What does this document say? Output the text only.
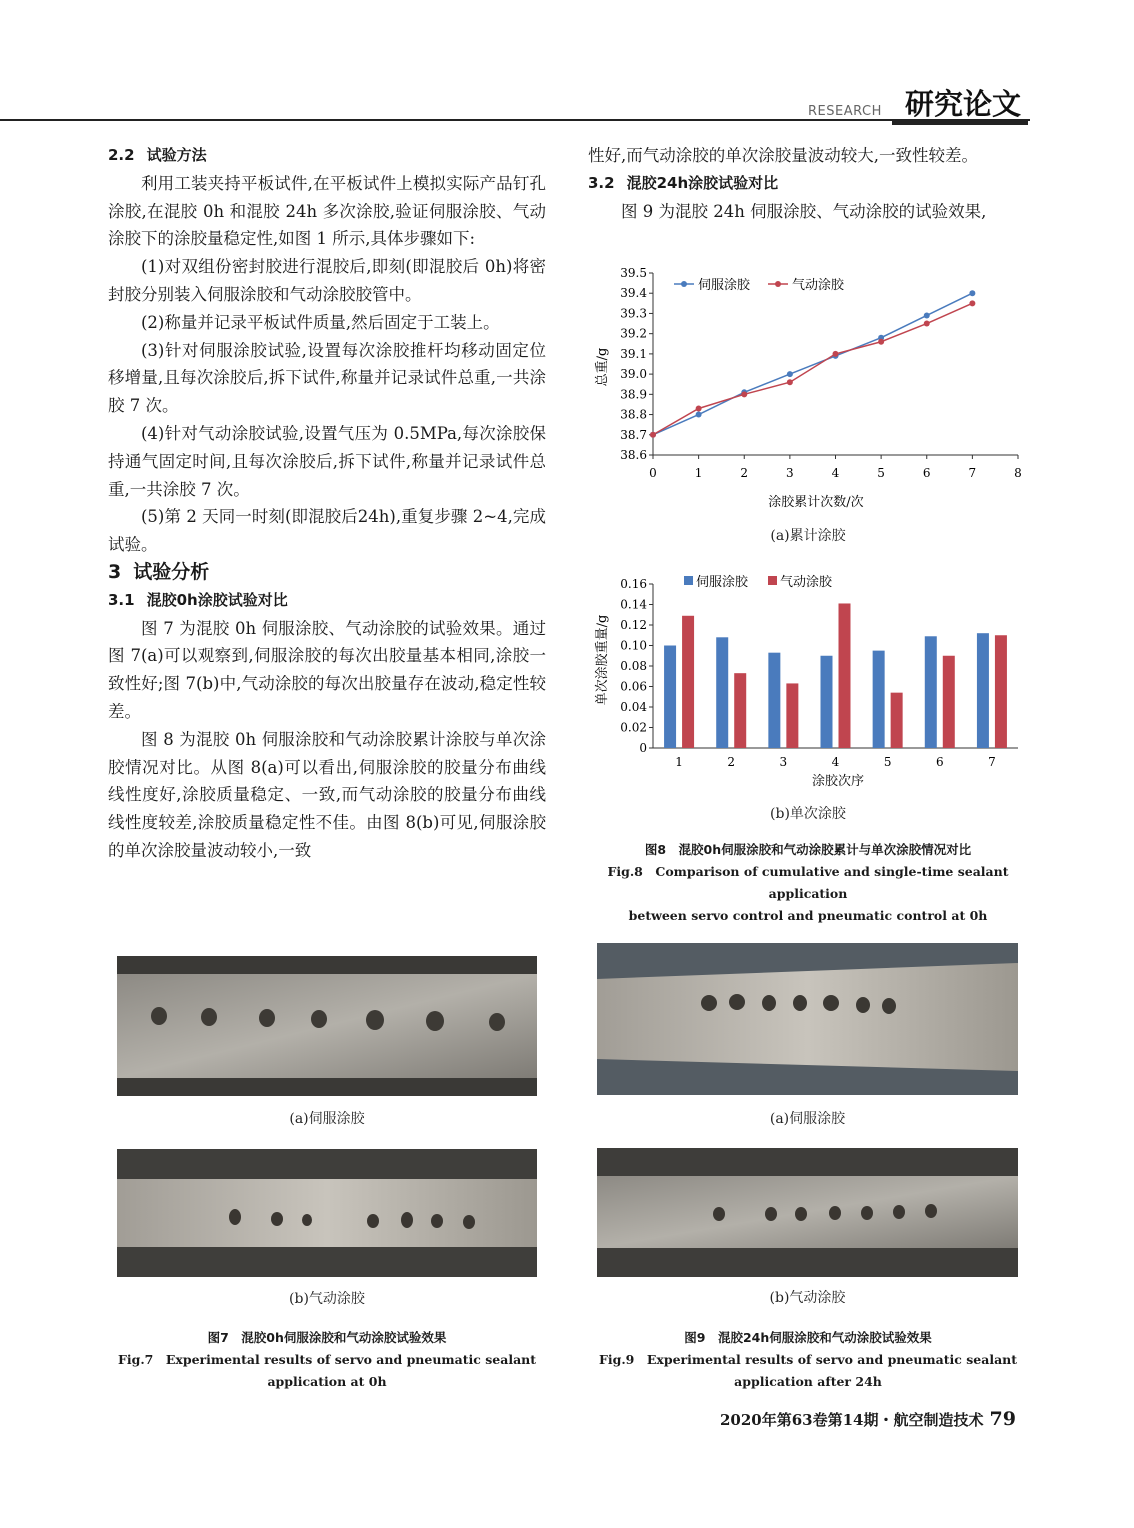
RESEARCH 研究论文

2.2 试验方法

利用工装夹持平板试件,在平板试件上模拟实际产品钉孔涂胶,在混胶 0h 和混胶 24h 多次涂胶,验证伺服涂胶、气动涂胶下的涂胶量稳定性,如图 1 所示,具体步骤如下:

(1)对双组份密封胶进行混胶后,即刻(即混胶后 0h)将密封胶分别装入伺服涂胶和气动涂胶胶管中。

(2)称量并记录平板试件质量,然后固定于工装上。

(3)针对伺服涂胶试验,设置每次涂胶推杆均移动固定位移增量,且每次涂胶后,拆下试件,称量并记录试件总重,一共涂胶 7 次。

(4)针对气动涂胶试验,设置气压为 0.5MPa,每次涂胶保持通气固定时间,且每次涂胶后,拆下试件,称量并记录试件总重,一共涂胶 7 次。

(5)第 2 天同一时刻(即混胶后24h),重复步骤 2~4,完成试验。

3 试验分析

3.1 混胶0h涂胶试验对比

图 7 为混胶 0h 伺服涂胶、气动涂胶的试验效果。通过图 7(a)可以观察到,伺服涂胶的每次出胶量基本相同,涂胶一致性好;图 7(b)中,气动涂胶的每次出胶量存在波动,稳定性较差。

图 8 为混胶 0h 伺服涂胶和气动涂胶累计涂胶与单次涂胶情况对比。从图 8(a)可以看出,伺服涂胶的胶量分布曲线线性度好,涂胶质量稳定、一致,而气动涂胶的胶量分布曲线线性度较差,涂胶质量稳定性不佳。由图 8(b)可见,伺服涂胶的单次涂胶量波动较小,一致

性好,而气动涂胶的单次涂胶量波动较大,一致性较差。

3.2 混胶24h涂胶试验对比

图 9 为混胶 24h 伺服涂胶、气动涂胶的试验效果,

38.6
38.7
38.8
38.9
39.0
39.1
39.2
39.3
39.4
39.5
0	1	2	3	4	5	6	7	8
伺服涂胶	气动涂胶
涂胶累计次数/次
总重/g
(a)累计涂胶
0
0.02
0.04
0.06
0.08
0.10
0.12
0.14
0.16
1	2	3	4	5	6	7
伺服涂胶 气动涂胶
涂胶次序
单次涂胶重量/g
(b)单次涂胶
图8　混胶0h伺服涂胶和气动涂胶累计与单次涂胶情况对比
Fig.8　Comparison of cumulative and single-time sealant application
between servo control and pneumatic control at 0h
(a)伺服涂胶
(b)气动涂胶
图7　混胶0h伺服涂胶和气动涂胶试验效果
Fig.7　Experimental results of servo and pneumatic sealant
application at 0h
(a)伺服涂胶
(b)气动涂胶
图9　混胶24h伺服涂胶和气动涂胶试验效果
Fig.9　Experimental results of servo and pneumatic sealant
application after 24h
2020年第63卷第14期・航空制造技术 79
